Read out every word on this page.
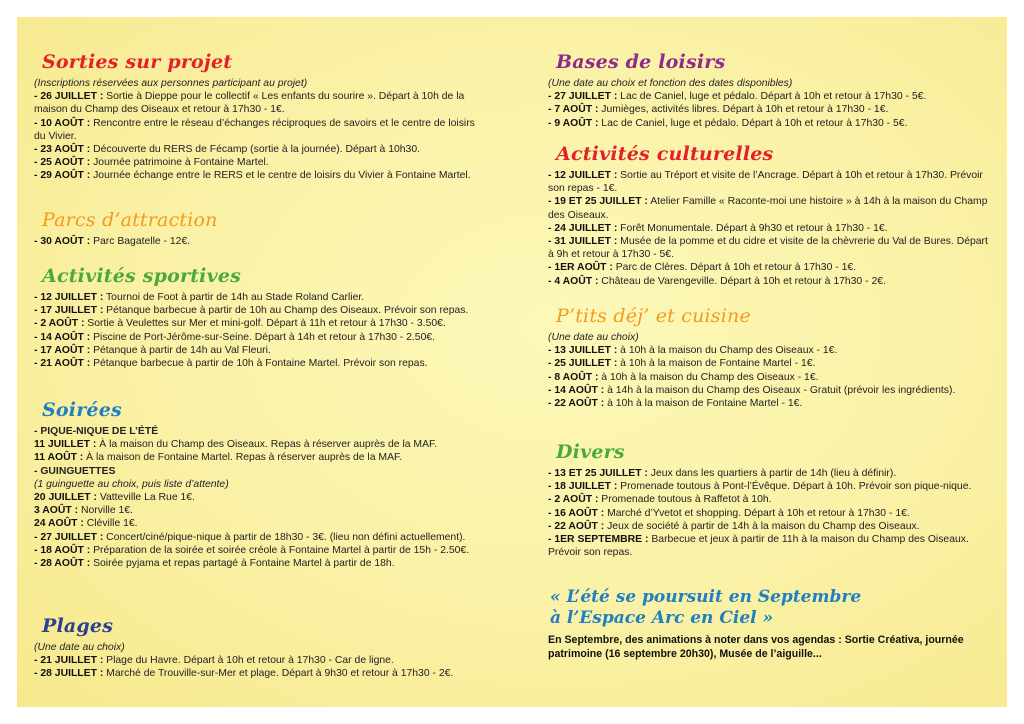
Sorties sur projet
(Inscriptions réservées aux personnes participant au projet)

- 26 JUILLET : Sortie à Dieppe pour le collectif « Les enfants du sourire ». Départ à 10h de la maison du Champ des Oiseaux et retour à 17h30 - 1€.

- 10 AOÛT : Rencontre entre le réseau d’échanges réciproques de savoirs et le centre de loisirs du Vivier.

- 23 AOÛT : Découverte du RERS de Fécamp (sortie à la journée). Départ à 10h30.

- 25 AOÛT : Journée patrimoine à Fontaine Martel.

- 29 AOÛT : Journée échange entre le RERS et le centre de loisirs du Vivier à Fontaine Martel.

Parcs d’attraction

- 30 AOÛT : Parc Bagatelle - 12€.

Activités sportives

- 12 JUILLET : Tournoi de Foot à partir de 14h au Stade Roland Carlier.

- 17 JUILLET : Pétanque barbecue à partir de 10h au Champ des Oiseaux. Prévoir son repas.

- 2 AOÛT : Sortie à Veulettes sur Mer et mini-golf. Départ à 11h et retour à 17h30 - 3.50€.

- 14 AOÛT : Piscine de Port-Jérôme-sur-Seine. Départ à 14h et retour à 17h30 - 2.50€.

- 17 AOÛT : Pétanque à partir de 14h au Val Fleuri.

- 21 AOÛT : Pétanque barbecue à partir de 10h à Fontaine Martel. Prévoir son repas.

Soirées
- PIQUE-NIQUE DE L’ÉTÉ

11 JUILLET : À la maison du Champ des Oiseaux. Repas à réserver auprès de la MAF.

11 AOÛT : À la maison de Fontaine Martel. Repas à réserver auprès de la MAF.

- GUINGUETTES
(1 guinguette au choix, puis liste d’attente)

20 JUILLET : Vatteville La Rue 1€.

3 AOÛT : Norville 1€.

24 AOÛT : Cléville 1€.

- 27 JUILLET : Concert/ciné/pique-nique à partir de 18h30 - 3€. (lieu non défini actuellement).

- 18 AOÛT : Préparation de la soirée et soirée créole à Fontaine Martel à partir de 15h - 2.50€.

- 28 AOÛT : Soirée pyjama et repas partagé à Fontaine Martel à partir de 18h.

Plages
(Une date au choix)

- 21 JUILLET : Plage du Havre. Départ à 10h et retour à 17h30 - Car de ligne.

- 28 JUILLET : Marché de Trouville-sur-Mer et plage. Départ à 9h30 et retour à 17h30 - 2€.

Bases de loisirs
(Une date au choix et fonction des dates disponibles)

- 27 JUILLET : Lac de Caniel, luge et pédalo. Départ à 10h et retour à 17h30 - 5€.

- 7 AOÛT : Jumièges, activités libres. Départ à 10h et retour à 17h30 - 1€.

- 9 AOÛT : Lac de Caniel, luge et pédalo. Départ à 10h et retour à 17h30 - 5€.

Activités culturelles

- 12 JUILLET : Sortie au Tréport et visite de l’Ancrage. Départ à 10h et retour à 17h30. Prévoir son repas - 1€.

- 19 ET 25 JUILLET : Atelier Famille « Raconte-moi une histoire » à 14h à la maison du Champ des Oiseaux.

- 24 JUILLET : Forêt Monumentale. Départ à 9h30 et retour à 17h30 - 1€.

- 31 JUILLET : Musée de la pomme et du cidre et visite de la chèvrerie du Val de Bures. Départ à 9h et retour à 17h30 - 5€.

- 1ER AOÛT : Parc de Clères. Départ à 10h et retour à 17h30 - 1€.

- 4 AOÛT : Château de Varengeville. Départ à 10h et retour à 17h30 - 2€.

P’tits déj’ et cuisine
(Une date au choix)

- 13 JUILLET : à 10h à la maison du Champ des Oiseaux - 1€.

- 25 JUILLET : à 10h à la maison de Fontaine Martel - 1€.

- 8 AOÛT : à 10h à la maison du Champ des Oiseaux - 1€.

- 14 AOÛT : à 14h à la maison du Champ des Oiseaux - Gratuit (prévoir les ingrédients).

- 22 AOÛT : à 10h à la maison de Fontaine Martel - 1€.

Divers

- 13 ET 25 JUILLET : Jeux dans les quartiers à partir de 14h (lieu à définir).

- 18 JUILLET : Promenade toutous à Pont-l’Évêque. Départ à 10h. Prévoir son pique-nique.

- 2 AOÛT : Promenade toutous à Raffetot à 10h.

- 16 AOÛT : Marché d’Yvetot et shopping. Départ à 10h et retour à 17h30 - 1€.

- 22 AOÛT : Jeux de société à partir de 14h à la maison du Champ des Oiseaux.

- 1ER SEPTEMBRE : Barbecue et jeux à partir de 11h à la maison du Champ des Oiseaux. Prévoir son repas.

« L’été se poursuit en Septembre
à l’Espace Arc en Ciel »
En Septembre, des animations à noter dans vos agendas : Sortie Créativa, journée patrimoine (16 septembre 20h30), Musée de l’aiguille...
